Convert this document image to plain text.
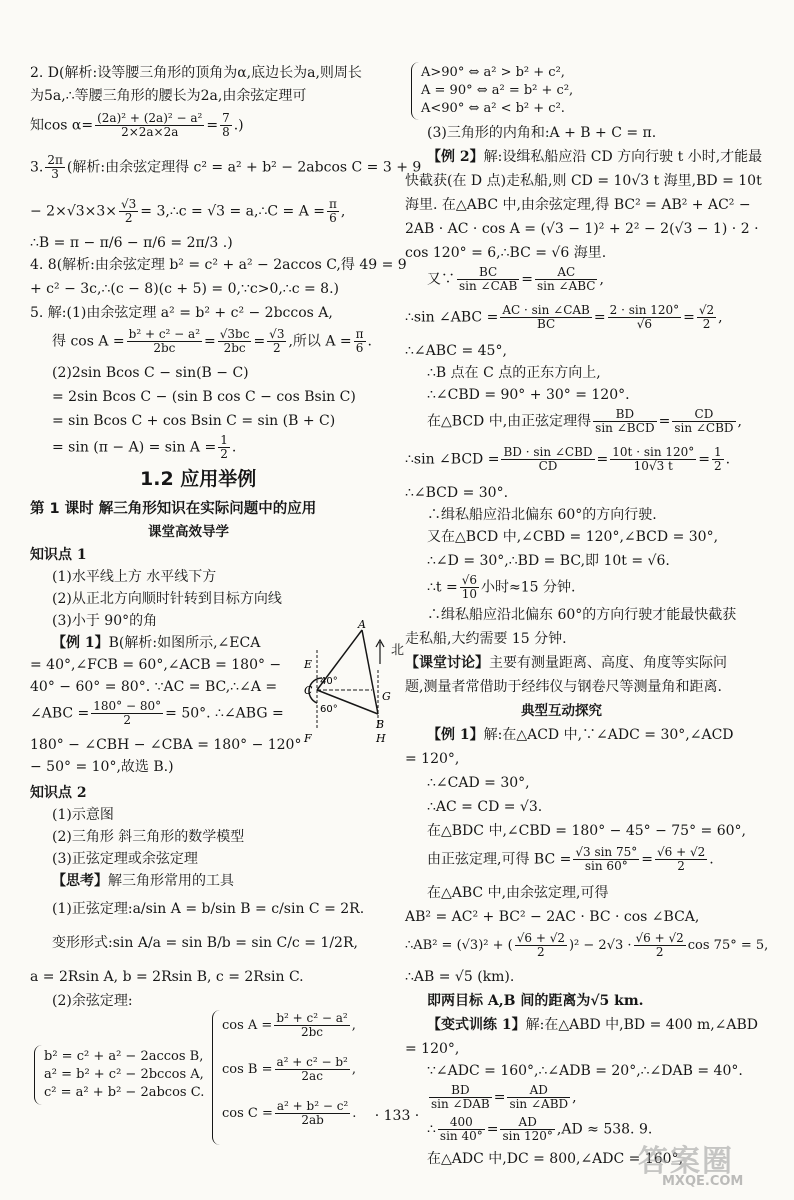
2. D(解析:设等腰三角形的顶角为α,底边长为a,则周长
为5a,∴等腰三角形的腰长为2a,由余弦定理可
知$\cos \alpha= \frac{\text{(2a)² + (2a)² − a²}}{2\times 2a\times 2a} = \frac{7}{8}$ .)
3. $\frac{2\pi}{3}$ (解析:由余弦定理得 c² = a² + b² − 2abcos C = 3 + 9
− $2\times√3\times 3\times \frac{√3}{2}$ = 3,∴c = √3 = a,∴C = $A = \frac{\pi}{6}$ ,
∴B = π − π/6 − π/6 = 2π/3 .)
4. 8(解析:由余弦定理 b² = c² + a² − 2accos C,得 49 = 9
+ c² − 3c,∴(c − 8)(c + 5) = 0,∵c>0,∴c = 8.)
5. 解:(1)由余弦定理 a² = b² + c² − 2bccos A,
得 $\cos A = \frac{\text{b² + c² − a²}}{2bc} = \frac{√3bc}{2bc} = \frac{√3}{2}$ ,所以 $A = \frac{\pi}{6}$ .
(2)2sin Bcos C − sin(B − C)
= 2sin Bcos C − (sin B cos C − cos Bsin C)
= sin Bcos C + cos Bsin C = sin (B + C)
= $\sin (\pi - A) = \sin A = \frac{1}{2}$ .
1.2 应用举例
第 1 课时 解三角形知识在实际问题中的应用
课堂高效导学
知识点 1
(1)水平线上方 水平线下方
(2)从正北方向顺时针转到目标方向线
(3)小于 90°的角
【例 1】B(解析:如图所示,∠ECA
= 40°,∠FCB = 60°,∠ACB = 180° −
40° − 60° = 80°. ∵AC = BC,∴∠A =
∠ABC = $\frac{180^\circ - 80^\circ}{2} = 50^\circ$. ∴∠ABG =
180° − ∠CBH − ∠CBA = 180° − 120°
− 50° = 10°,故选 B.)
A
B
C
E
F
G
H
40°
60°
北
知识点 2
(1)示意图
(2)三角形 斜三角形的数学模型
(3)正弦定理或余弦定理
【思考】解三角形常用的工具
(1)正弦定理:a/sin A = b/sin B = c/sin C = 2R.
变形形式:sin A/a = sin B/b = sin C/c = 1/2R,
a = 2Rsin A, b = 2Rsin B, c = 2Rsin C.
(2)余弦定理:
b² = c² + a² − 2accos B,
a² = b² + c² − 2bccos A,
c² = a² + b² − 2abcos C.
$\cos A = \frac{\text{b² + c² − a²}}{2bc}$ ,
$\cos B = \frac{\text{a² + c² − b²}}{2ac}$ ,
$\cos C = \frac{\text{a² + b² − c²}}{2ab}$ .
A>90° ⇔ a² > b² + c²,
A = 90° ⇔ a² = b² + c²,
A<90° ⇔ a² < b² + c².
(3)三角形的内角和:A + B + C = π.
【例 2】解:设缉私船应沿 CD 方向行驶 t 小时,才能最
快截获(在 D 点)走私船,则 CD = 10√3 t 海里,BD = 10t
海里. 在△ABC 中,由余弦定理,得 BC² = AB² + AC² −
2AB · AC · cos A = (√3 − 1)² + 2² − 2(√3 − 1) · 2 ·
cos 120° = 6,∴BC = √6 海里.
又∵ $\frac{BC}{\text{sin ∠CAB}} = \frac{AC}{\text{sin ∠ABC}}$ ,
∴sin ∠ABC = $\frac{\text{AC · sin ∠CAB}}{BC} = \frac{2 \cdot \sin 120^\circ}{√6} = \frac{√2}{2}$ ,
∴∠ABC = 45°,
∴B 点在 C 点的正东方向上,
∴∠CBD = 90° + 30° = 120°.
在△BCD 中,由正弦定理得 $\frac{BD}{\text{sin ∠BCD}} = \frac{CD}{\text{sin ∠CBD}}$ ,
∴sin ∠BCD = $\frac{\text{BD · sin ∠CBD}}{CD} = \frac{10t \cdot \sin 120^\circ}{10√3 t} = \frac{1}{2}$ .
∴∠BCD = 30°.
∴缉私船应沿北偏东 60°的方向行驶.
又在△BCD 中,∠CBD = 120°,∠BCD = 30°,
∴∠D = 30°,∴BD = BC,即 10t = √6.
∴t = $\frac{√6}{10}$ 小时≈15 分钟.
∴缉私船应沿北偏东 60°的方向行驶才能最快截获
走私船,大约需要 15 分钟.
【课堂讨论】主要有测量距离、高度、角度等实际问
题,测量者常借助于经纬仪与钢卷尺等测量角和距离.
典型互动探究
【例 1】解:在△ACD 中,∵∠ADC = 30°,∠ACD
= 120°,
∴∠CAD = 30°,
∴AC = CD = √3.
在△BDC 中,∠CBD = 180° − 45° − 75° = 60°,
由正弦定理,可得 BC = $\frac{√3 \sin 75^\circ}{\sin 60^\circ} = \frac{√6 + √2}{2}$ .
在△ABC 中,由余弦定理,可得
AB² = AC² + BC² − 2AC · BC · cos ∠BCA,
∴AB² = (√3)² + ( $\frac{√6 + √2}{2} )^2 - 2√3 \cdot \frac{√6 + √2}{2}$ cos 75° = 5,
∴AB = √5 (km).
即两目标 A,B 间的距离为√5 km.
【变式训练 1】解:在△ABD 中,BD = 400 m,∠ABD
= 120°,
∵∠ADC = 160°,∴∠ADB = 20°,∴∠DAB = 40°.
$\frac{BD}{\text{sin ∠DAB}} = \frac{AD}{\text{sin ∠ABD}}$ ,
∴ $\frac{400}{\sin 40^\circ} = \frac{AD}{\sin 120^\circ} ,AD \approx 538$. 9.
在△ADC 中,DC = 800,∠ADC = 160°,
· 133 ·
答案圈
MXQE.COM
